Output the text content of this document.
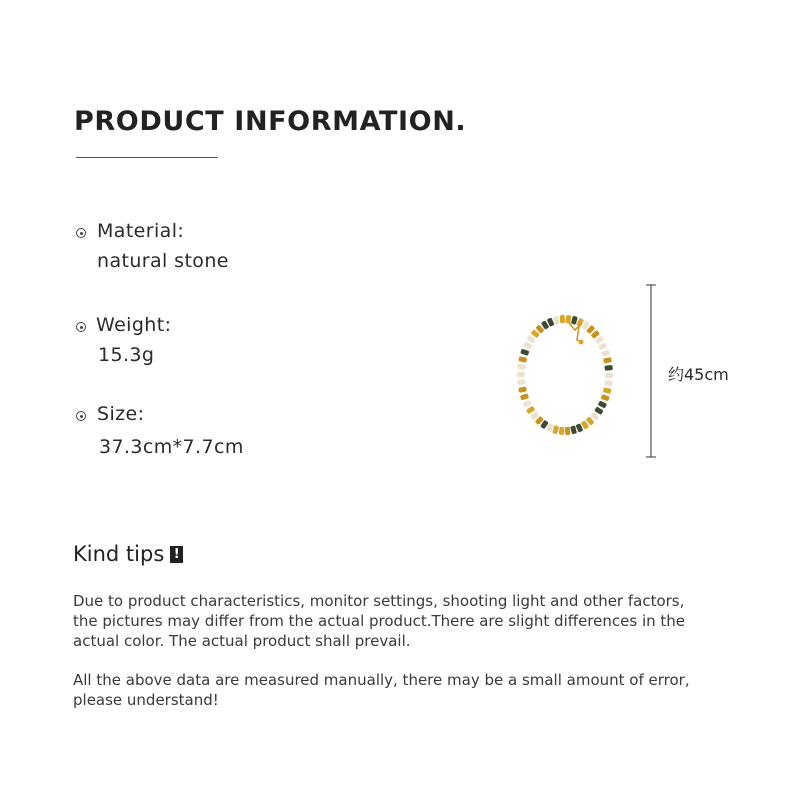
PRODUCT INFORMATION.
Material:
natural stone
Weight:
15.3g
Size:
37.3cm*7.7cm
约45cm
Kind tips !
Due to product characteristics, monitor settings, shooting light and other factors, the pictures may differ from the actual product.There are slight differences in the actual color. The actual product shall prevail.
All the above data are measured manually, there may be a small amount of error, please understand!
